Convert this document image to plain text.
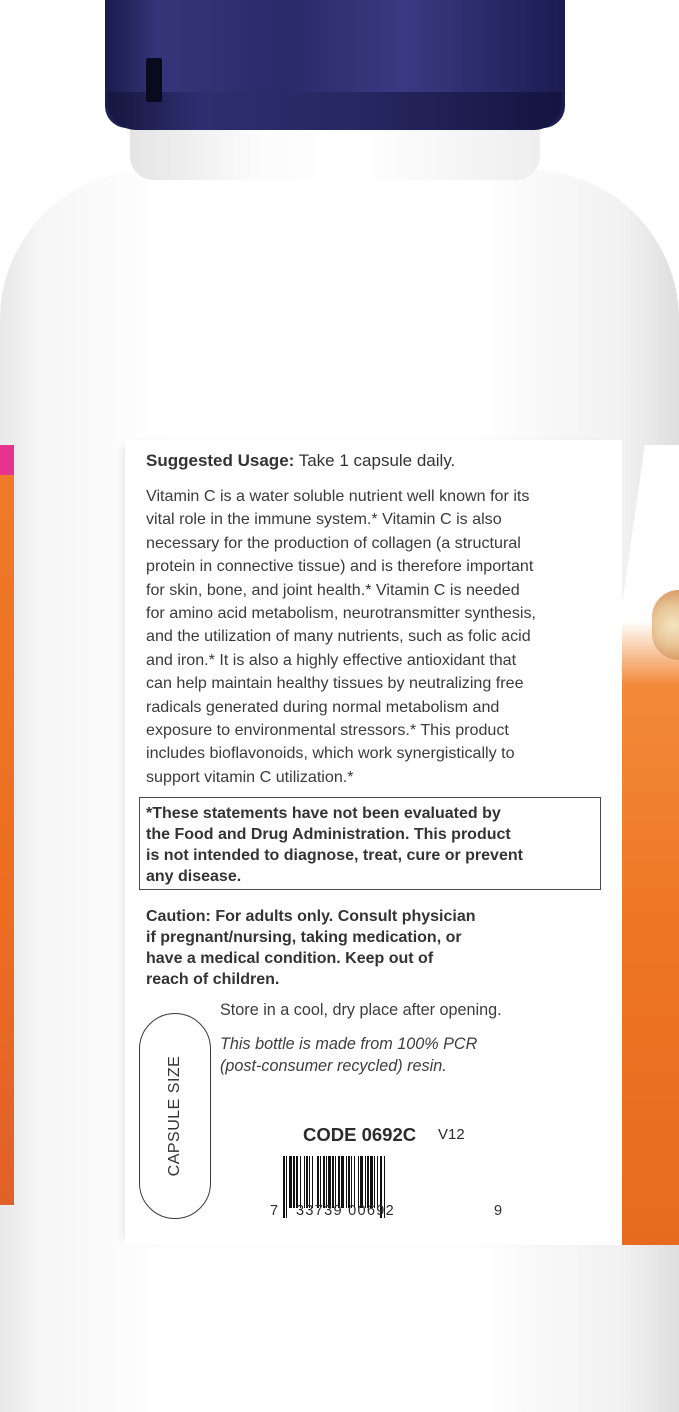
Suggested Usage: Take 1 capsule daily.
Vitamin C is a water soluble nutrient well known for its
vital role in the immune system.* Vitamin C is also
necessary for the production of collagen (a structural
protein in connective tissue) and is therefore important
for skin, bone, and joint health.* Vitamin C is needed
for amino acid metabolism, neurotransmitter synthesis,
and the utilization of many nutrients, such as folic acid
and iron.* It is also a highly effective antioxidant that
can help maintain healthy tissues by neutralizing free
radicals generated during normal metabolism and
exposure to environmental stressors.* This product
includes bioflavonoids, which work synergistically to
support vitamin C utilization.*
*These statements have not been evaluated by
the Food and Drug Administration. This product
is not intended to diagnose, treat, cure or prevent
any disease.
Caution: For adults only. Consult physician
if pregnant/nursing, taking medication, or
have a medical condition. Keep out of
reach of children.
CAPSULE SIZE
Store in a cool, dry place after opening.
This bottle is made from 100% PCR
(post-consumer recycled) resin.
CODE 0692C V12
7 33739 00692	9
